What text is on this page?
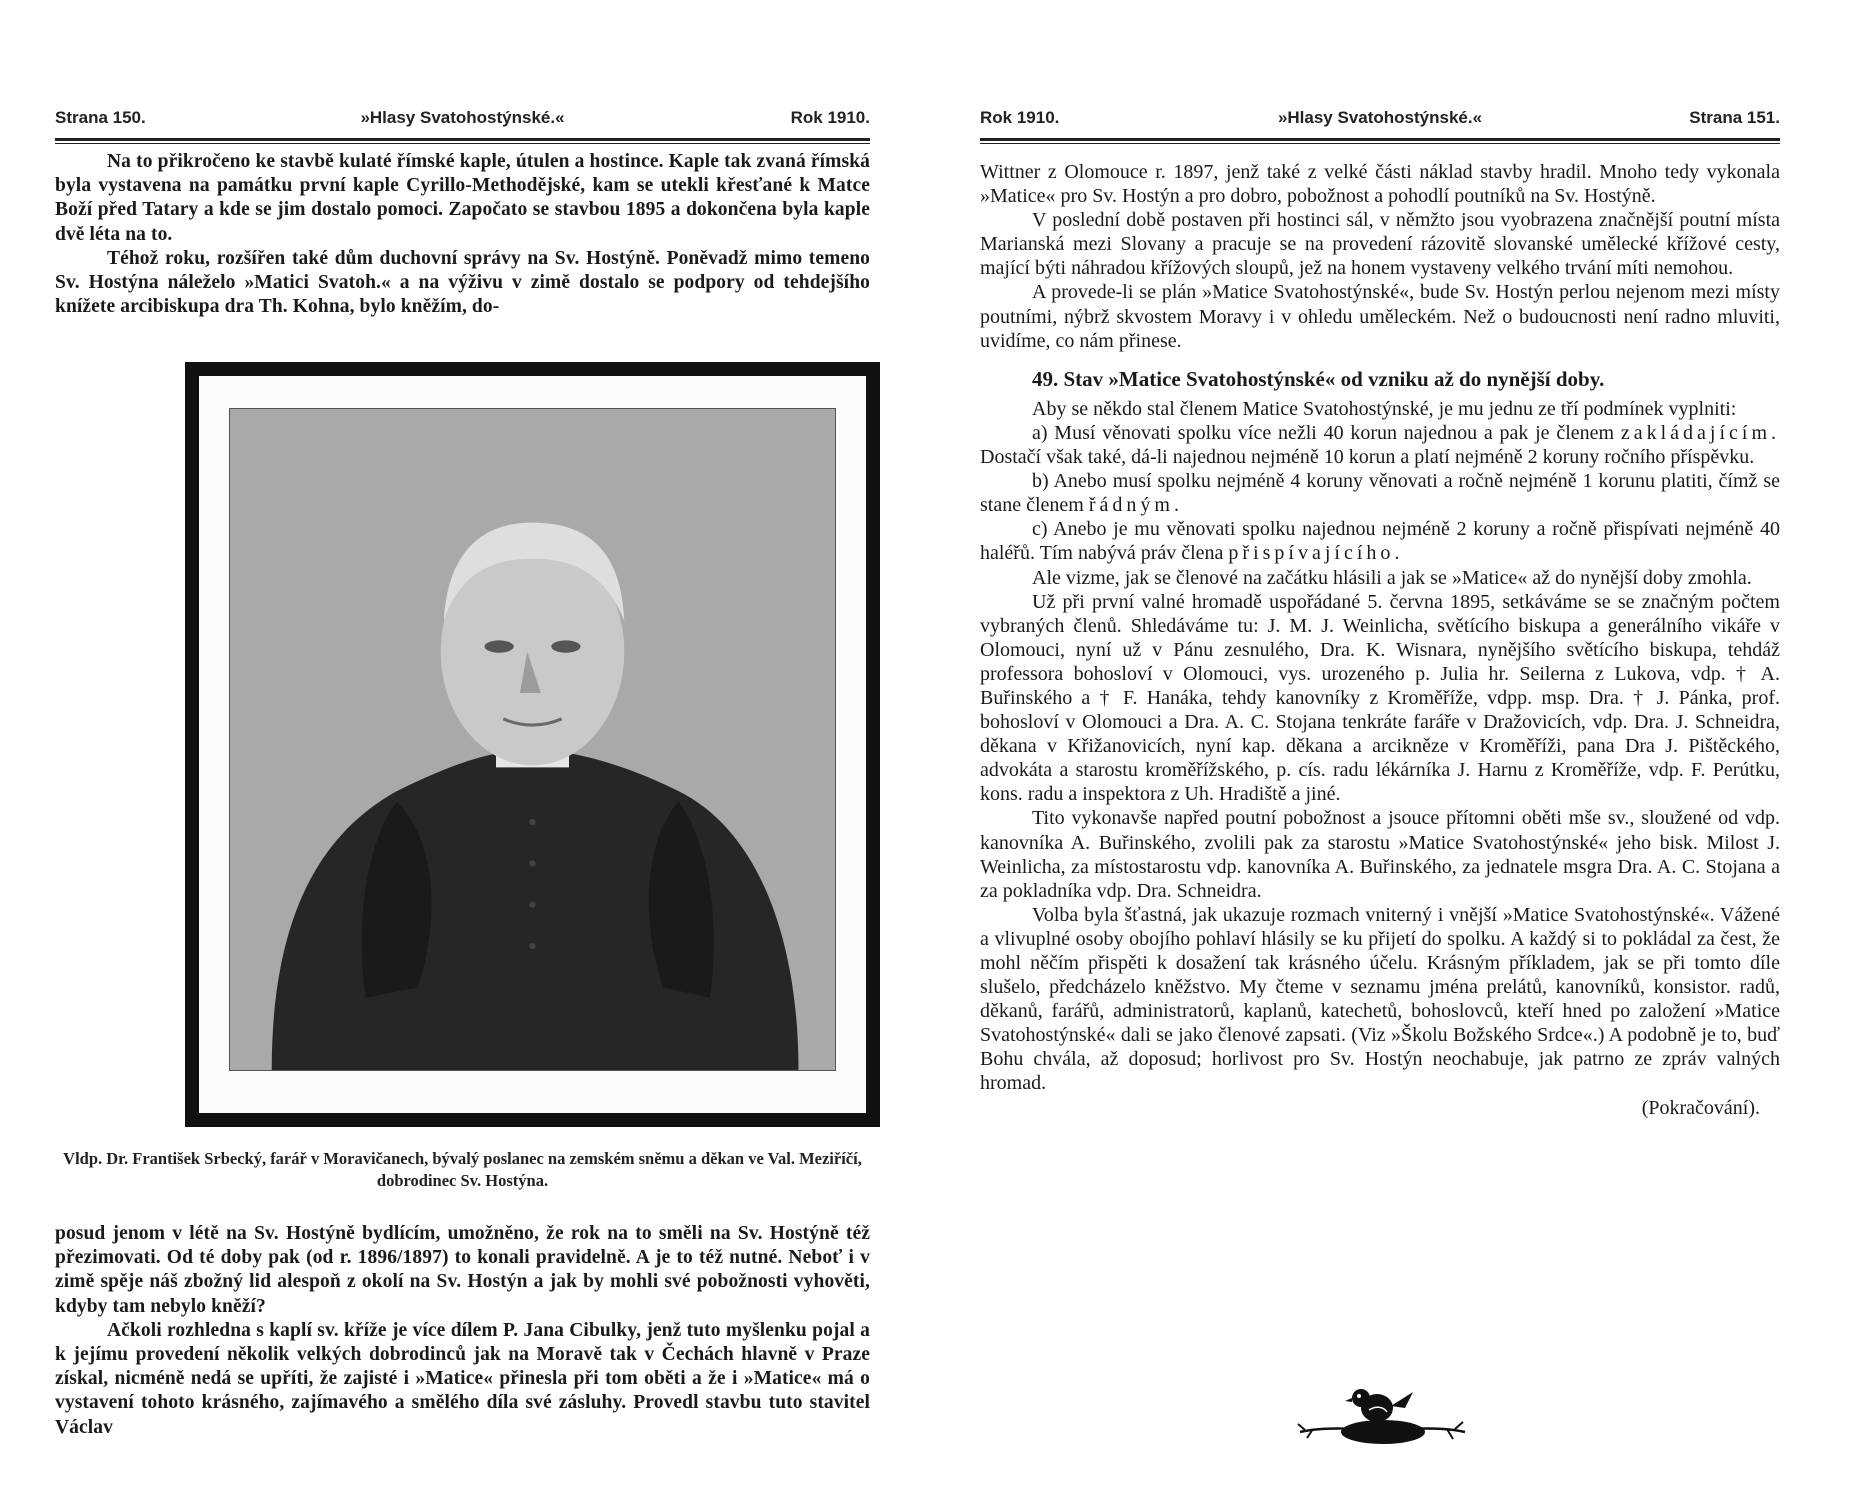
Strana 150.	»Hlasy Svatohostýnské.«	Rok 1910.

Na to přikročeno ke stavbě kulaté římské kaple, útulen a hostince. Kaple tak zvaná římská byla vystavena na památku první kaple Cyrillo-Methodějské, kam se utekli křesťané k Matce Boží před Tatary a kde se jim dostalo pomoci. Započato se stavbou 1895 a dokončena byla kaple dvě léta na to.

Téhož roku, rozšířen také dům duchovní správy na Sv. Hostýně. Poněvadž mimo temeno Sv. Hostýna náleželo »Matici Svatoh.« a na výživu v zimě dostalo se podpory od tehdejšího knížete arcibiskupa dra Th. Kohna, bylo kněžím, do-

Vldp. Dr. František Srbecký, farář v Moravičanech, bývalý poslanec na zemském sněmu a děkan ve Val. Meziříčí, dobrodinec Sv. Hostýna.

posud jenom v létě na Sv. Hostýně bydlícím, umožněno, že rok na to směli na Sv. Hostýně též přezimovati. Od té doby pak (od r. 1896/1897) to konali pravidelně. A je to též nutné. Neboť i v zimě spěje náš zbožný lid alespoň z okolí na Sv. Hostýn a jak by mohli své pobožnosti vyhověti, kdyby tam nebylo kněží?

Ačkoli rozhledna s kaplí sv. kříže je více dílem P. Jana Cibulky, jenž tuto myšlenku pojal a k jejímu provedení několik velkých dobrodinců jak na Moravě tak v Čechách hlavně v Praze získal, nicméně nedá se upříti, že zajisté i »Matice« přinesla při tom oběti a že i »Matice« má o vystavení tohoto krásného, zajímavého a smělého díla své zásluhy. Provedl stavbu tuto stavitel Václav

Rok 1910.	»Hlasy Svatohostýnské.«	Strana 151.

Wittner z Olomouce r. 1897, jenž také z velké části náklad stavby hradil. Mnoho tedy vykonala »Matice« pro Sv. Hostýn a pro dobro, pobožnost a pohodlí poutníků na Sv. Hostýně.

V poslední době postaven při hostinci sál, v němžto jsou vyobrazena značnější poutní místa Marianská mezi Slovany a pracuje se na provedení rázovitě slovanské umělecké křížové cesty, mající býti náhradou křížových sloupů, jež na honem vystaveny velkého trvání míti nemohou.

A provede-li se plán »Matice Svatohostýnské«, bude Sv. Hostýn perlou nejenom mezi místy poutními, nýbrž skvostem Moravy i v ohledu uměleckém. Než o budoucnosti není radno mluviti, uvidíme, co nám přinese.

49. Stav »Matice Svatohostýnské« od vzniku až do nynější doby.

Aby se někdo stal členem Matice Svatohostýnské, je mu jednu ze tří podmínek vyplniti:

a) Musí věnovati spolku více nežli 40 korun najednou a pak je členem zakládajícím. Dostačí však také, dá-li najednou nejméně 10 korun a platí nejméně 2 koruny ročního příspěvku.

b) Anebo musí spolku nejméně 4 koruny věnovati a ročně nejméně 1 korunu platiti, čímž se stane členem řádným.

c) Anebo je mu věnovati spolku najednou nejméně 2 koruny a ročně přispívati nejméně 40 haléřů. Tím nabývá práv člena přispívajícího.

Ale vizme, jak se členové na začátku hlásili a jak se »Matice« až do nynější doby zmohla.

Už při první valné hromadě uspořádané 5. června 1895, setkáváme se se značným počtem vybraných členů. Shledáváme tu: J. M. J. Weinlicha, světícího biskupa a generálního vikáře v Olomouci, nyní už v Pánu zesnulého, Dra. K. Wisnara, nynějšího světícího biskupa, tehdáž professora bohosloví v Olomouci, vys. urozeného p. Julia hr. Seilerna z Lukova, vdp. † A. Buřinského a † F. Hanáka, tehdy kanovníky z Kroměříže, vdpp. msp. Dra. † J. Pánka, prof. bohosloví v Olomouci a Dra. A. C. Stojana tenkráte faráře v Dražovicích, vdp. Dra. J. Schneidra, děkana v Křižanovicích, nyní kap. děkana a arcikněze v Kroměříži, pana Dra J. Pištěckého, advokáta a starostu kroměřížského, p. cís. radu lékárníka J. Harnu z Kroměříže, vdp. F. Perútku, kons. radu a inspektora z Uh. Hradiště a jiné.

Tito vykonavše napřed poutní pobožnost a jsouce přítomni oběti mše sv., sloužené od vdp. kanovníka A. Buřinského, zvolili pak za starostu »Matice Svatohostýnské« jeho bisk. Milost J. Weinlicha, za místostarostu vdp. kanovníka A. Buřinského, za jednatele msgra Dra. A. C. Stojana a za pokladníka vdp. Dra. Schneidra.

Volba byla šťastná, jak ukazuje rozmach vniterný i vnější »Matice Svatohostýnské«. Vážené a vlivuplné osoby obojího pohlaví hlásily se ku přijetí do spolku. A každý si to pokládal za čest, že mohl něčím přispěti k dosažení tak krásného účelu. Krásným příkladem, jak se při tomto díle slušelo, předcházelo kněžstvo. My čteme v seznamu jména prelátů, kanovníků, konsistor. radů, děkanů, farářů, administratorů, kaplanů, katechetů, bohoslovců, kteří hned po založení »Matice Svatohostýnské« dali se jako členové zapsati. (Viz »Školu Božského Srdce«.) A podobně je to, buď Bohu chvála, až doposud; horlivost pro Sv. Hostýn neochabuje, jak patrno ze zpráv valných hromad.

(Pokračování).
